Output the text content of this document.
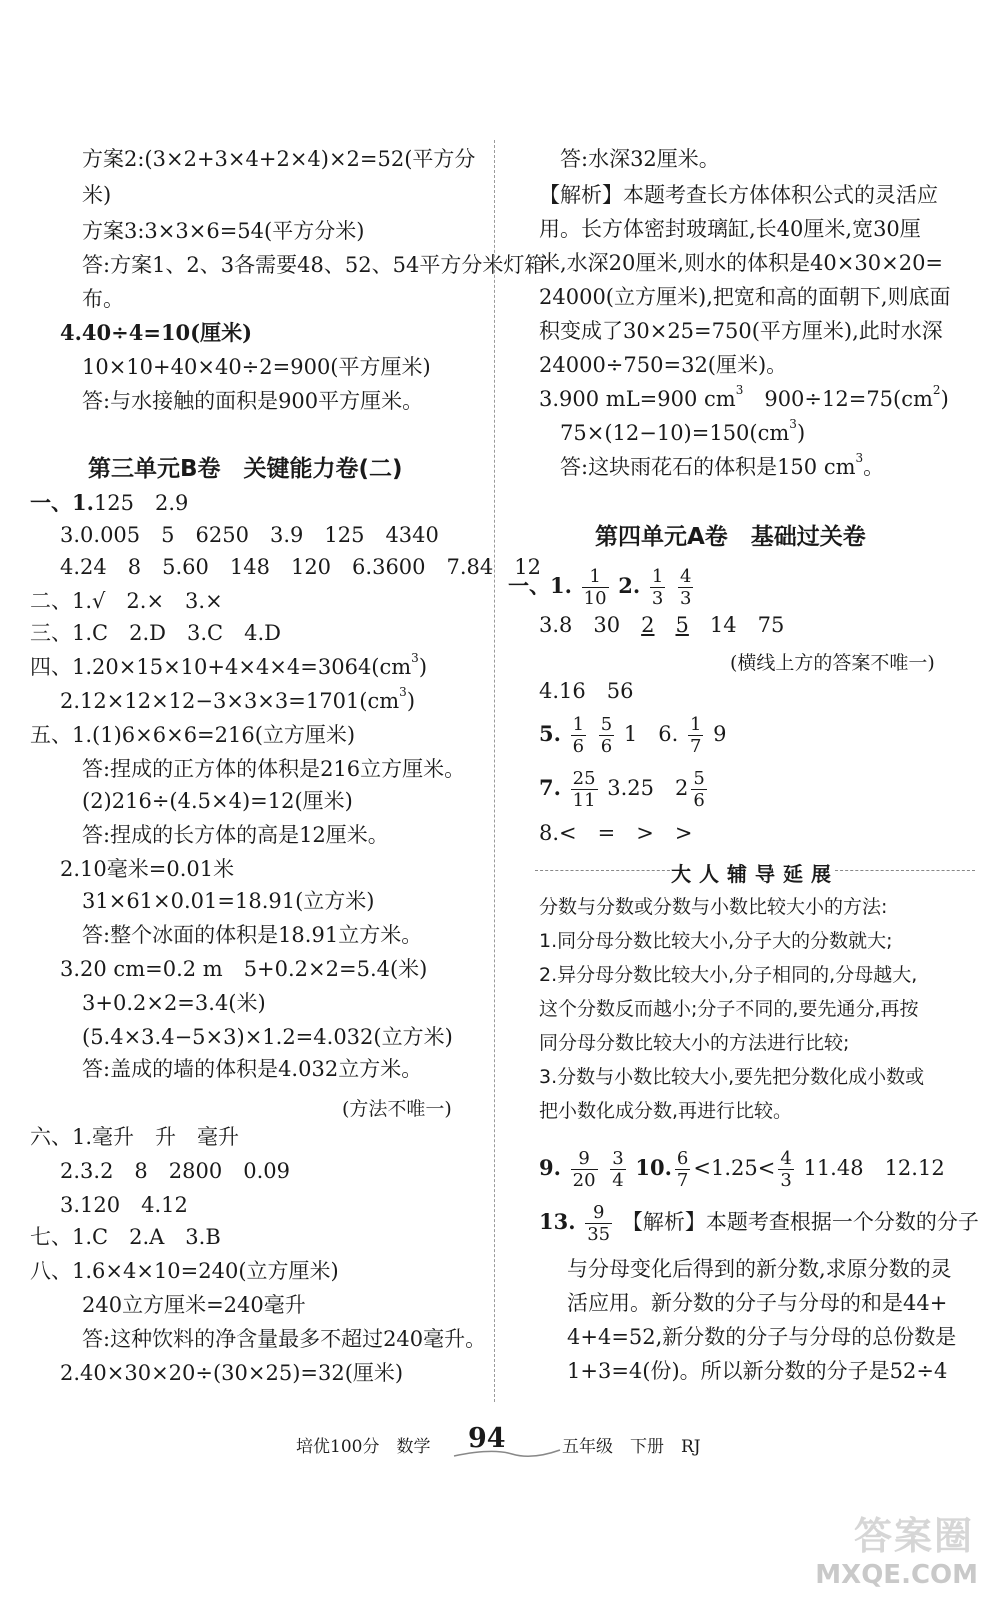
方案2:(3×2+3×4+2×4)×2=52(平方分
米)
方案3:3×3×6=54(平方分米)
答:方案1、2、3各需要48、52、54平方分米灯箱
布。
4.40÷4=10(厘米)
10×10+40×40÷2=900(平方厘米)
答:与水接触的面积是900平方厘米。
第三单元B卷　关键能力卷(二)
一、1.125　2.9
3.0.005　5　6250　3.9　125　4340
4.24　8　5.60　148　120　6.3600　7.84　12
二、1.√　2.×　3.×
三、1.C　2.D　3.C　4.D
四、$1.20\times 15\times 10+4\times 4\times 4=3064(cm^3)$
$2.12\times 12\times 12-3\times 3\times 3=1701(cm^3)$
五、1.(1)6×6×6=216(立方厘米)
答:捏成的正方体的体积是216立方厘米。
(2)216÷(4.5×4)=12(厘米)
答:捏成的长方体的高是12厘米。
2.10毫米=0.01米
31×61×0.01=18.91(立方米)
答:整个冰面的体积是18.91立方米。
3.20 cm=0.2 m　5+0.2×2=5.4(米)
3+0.2×2=3.4(米)
(5.4×3.4−5×3)×1.2=4.032(立方米)
答:盖成的墙的体积是4.032立方米。
(方法不唯一)
六、1.毫升　升　毫升
2.3.2　8　2800　0.09
3.120　4.12
七、1.C　2.A　3.B
八、1.6×4×10=240(立方厘米)
240立方厘米=240毫升
答:这种饮料的净含量最多不超过240毫升。
2.40×30×20÷(30×25)=32(厘米)
答:水深32厘米。
【解析】本题考查长方体体积公式的灵活应
用。长方体密封玻璃缸,长40厘米,宽30厘
米,水深20厘米,则水的体积是40×30×20=
24000(立方厘米),把宽和高的面朝下,则底面
积变成了30×25=750(平方厘米),此时水深
24000÷750=32(厘米)。
3.900 mL=900 $cm^3$　$900\div 12=75(cm^2)$
$75\times(12-10)=150(cm^3)$
答:这块雨花石的体积是150 $cm^3$。
第四单元A卷　基础过关卷
一、1. $\frac{1}{10} 2$. $\frac{1}{3}$
$\frac{4}{3}$
3.8　30　 2　 5　 14　75
(横线上方的答案不唯一)
4.16　56
5. $\frac{1}{6}$
$\frac{5}{6} 1$　6. $\frac{1}{7} 9$
7. $\frac{25}{11} 3.25$　$2 \frac{5}{6}$
8.<　=　>　>
大人辅导延展
分数与分数或分数与小数比较大小的方法:
1.同分母分数比较大小,分子大的分数就大;
2.异分母分数比较大小,分子相同的,分母越大,
这个分数反而越小;分子不同的,要先通分,再按
同分母分数比较大小的方法进行比较;
3.分数与小数比较大小,要先把分数化成小数或
把小数化成分数,再进行比较。
9. $\frac{9}{20}$
$\frac{3}{4} 10$. $\frac{6}{7} <1.25< \frac{4}{3} 11.48$　12.12
13. $\frac{9}{35}$ 【解析】本题考查根据一个分数的分子
与分母变化后得到的新分数,求原分数的灵
活应用。新分数的分子与分母的和是44+
4+4=52,新分数的分子与分母的总份数是
1+3=4(份)。所以新分数的分子是52÷4
培优100分　数学 94	五年级　下册　RJ
答案圈
MXQE.COM
